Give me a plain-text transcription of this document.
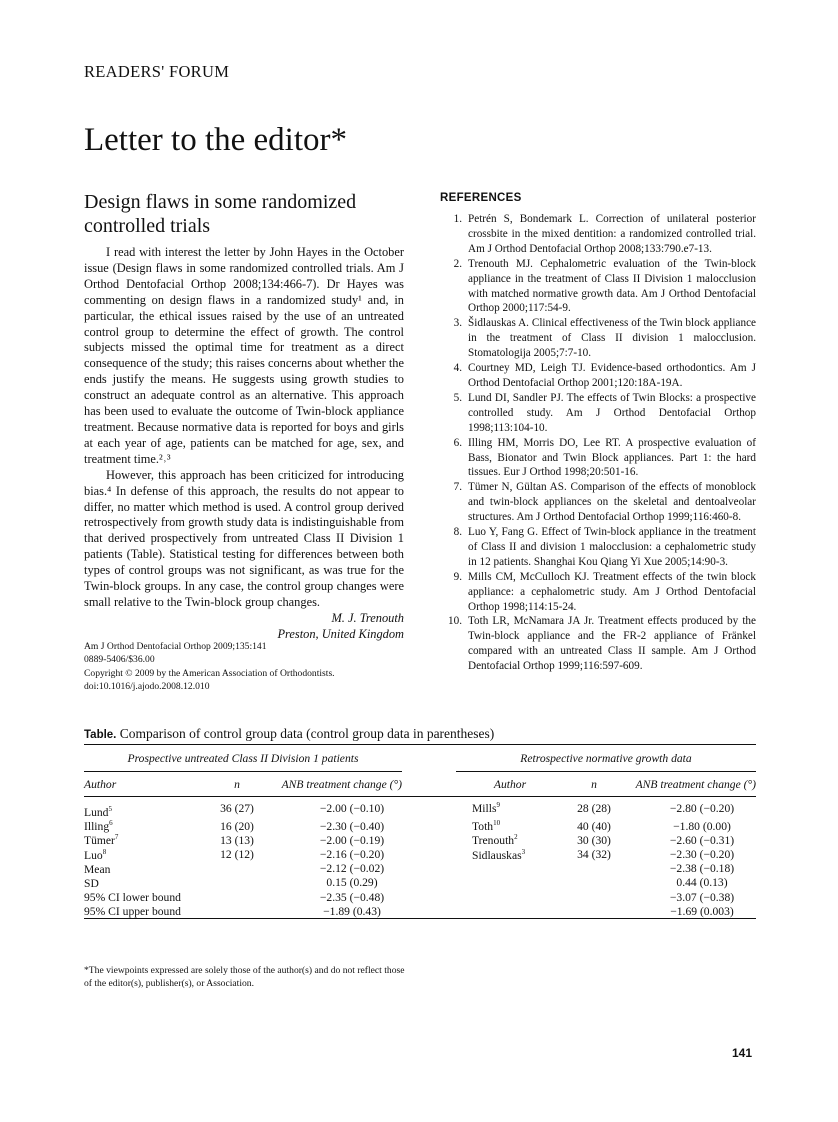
READERS' FORUM
Letter to the editor*
Design flaws in some randomized controlled trials

I read with interest the letter by John Hayes in the October issue (Design flaws in some randomized controlled trials. Am J Orthod Dentofacial Orthop 2008;134:466-7). Dr Hayes was commenting on design flaws in a randomized study¹ and, in particular, the ethical issues raised by the use of an untreated control group to determine the effect of growth. The control subjects missed the optimal time for treatment as a direct consequence of the study; this raises concerns about whether the ends justify the means. He suggests using growth studies to construct an adequate control as an alternative. This approach has been used to evaluate the outcome of Twin-block appliance treatment. Because normative data is reported for boys and girls at each year of age, patients can be matched for age, sex, and treatment time.²˒³

However, this approach has been criticized for introducing bias.⁴ In defense of this approach, the results do not appear to differ, no matter which method is used. A control group derived retrospectively from growth study data is indistinguishable from that derived prospectively from untreated Class II Division 1 patients (Table). Statistical testing for differences between both types of control groups was not significant, as was true for the Twin-block groups. In any case, the control group changes were small relative to the Twin-block group changes.

M. J. Trenouth
Preston, United Kingdom
Am J Orthod Dentofacial Orthop 2009;135:141
0889-5406/$36.00
Copyright © 2009 by the American Association of Orthodontists.
doi:10.1016/j.ajodo.2008.12.010
REFERENCES
1. Petrén S, Bondemark L. Correction of unilateral posterior crossbite in the mixed dentition: a randomized controlled trial. Am J Orthod Dentofacial Orthop 2008;133:790.e7-13.
2. Trenouth MJ. Cephalometric evaluation of the Twin-block appliance in the treatment of Class II Division 1 malocclusion with matched normative growth data. Am J Orthod Dentofacial Orthop 2000;117:54-9.
3. Šidlauskas A. Clinical effectiveness of the Twin block appliance in the treatment of Class II division 1 malocclusion. Stomatologija 2005;7:7-10.
4. Courtney MD, Leigh TJ. Evidence-based orthodontics. Am J Orthod Dentofacial Orthop 2001;120:18A-19A.
5. Lund DI, Sandler PJ. The effects of Twin Blocks: a prospective controlled study. Am J Orthod Dentofacial Orthop 1998;113:104-10.
6. Illing HM, Morris DO, Lee RT. A prospective evaluation of Bass, Bionator and Twin Block appliances. Part 1: the hard tissues. Eur J Orthod 1998;20:501-16.
7. Tümer N, Gültan AS. Comparison of the effects of monoblock and twin-block appliances on the skeletal and dentoalveolar structures. Am J Orthod Dentofacial Orthop 1999;116:460-8.
8. Luo Y, Fang G. Effect of Twin-block appliance in the treatment of Class II and division 1 malocclusion: a cephalometric study in 12 patients. Shanghai Kou Qiang Yi Xue 2005;14:90-3.
9. Mills CM, McCulloch KJ. Treatment effects of the twin block appliance: a cephalometric study. Am J Orthod Dentofacial Orthop 1998;114:15-24.
10. Toth LR, McNamara JA Jr. Treatment effects produced by the Twin-block appliance and the FR-2 appliance of Fränkel compared with an untreated Class II sample. Am J Orthod Dentofacial Orthop 1999;116:597-609.
Table. Comparison of control group data (control group data in parentheses)
Prospective untreated Class II Division 1 patients				Retrospective normative growth data		
Author	n	ANB treatment change (°)		Author	n	ANB treatment change (°)
Lund$^5$	36 (27)	−2.00 (−0.10)		Mills$^9$	28 (28)	−2.80 (−0.20)
Illing$^6$	16 (20)	−2.30 (−0.40)		Toth$^{10}$	40 (40)	−1.80 (0.00)
Tümer$^7$	13 (13)	−2.00 (−0.19)		Trenouth$^2$	30 (30)	−2.60 (−0.31)
Luo$^8$	12 (12)	−2.16 (−0.20)		Sidlauskas$^3$	34 (32)	−2.30 (−0.20)
Mean		−2.12 (−0.02)				−2.38 (−0.18)
SD		0.15 (0.29)				0.44 (0.13)
95% CI lower bound		−2.35 (−0.48)				−3.07 (−0.38)
95% CI upper bound		−1.89 (0.43)				−1.69 (0.003)
*The viewpoints expressed are solely those of the author(s) and do not reflect those of the editor(s), publisher(s), or Association.
141
